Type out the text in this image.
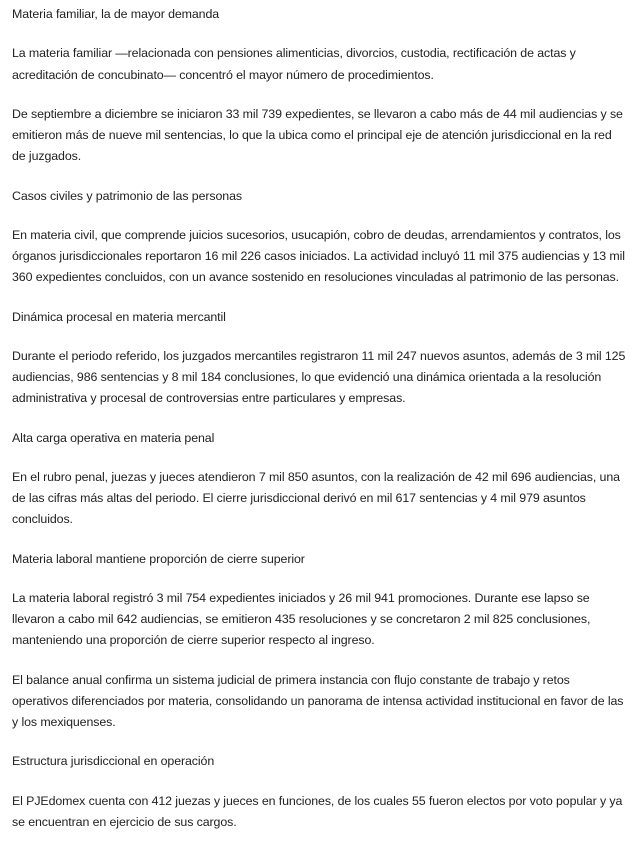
Materia familiar, la de mayor demanda

La materia familiar —relacionada con pensiones alimenticias, divorcios, custodia, rectificación de actas y acreditación de concubinato— concentró el mayor número de procedimientos.

De septiembre a diciembre se iniciaron 33 mil 739 expedientes, se llevaron a cabo más de 44 mil audiencias y se emitieron más de nueve mil sentencias, lo que la ubica como el principal eje de atención jurisdiccional en la red de juzgados.

Casos civiles y patrimonio de las personas

En materia civil, que comprende juicios sucesorios, usucapión, cobro de deudas, arrendamientos y contratos, los órganos jurisdiccionales reportaron 16 mil 226 casos iniciados. La actividad incluyó 11 mil 375 audiencias y 13 mil 360 expedientes concluidos, con un avance sostenido en resoluciones vinculadas al patrimonio de las personas.

Dinámica procesal en materia mercantil

Durante el periodo referido, los juzgados mercantiles registraron 11 mil 247 nuevos asuntos, además de 3 mil 125 audiencias, 986 sentencias y 8 mil 184 conclusiones, lo que evidenció una dinámica orientada a la resolución administrativa y procesal de controversias entre particulares y empresas.

Alta carga operativa en materia penal

En el rubro penal, juezas y jueces atendieron 7 mil 850 asuntos, con la realización de 42 mil 696 audiencias, una de las cifras más altas del periodo. El cierre jurisdiccional derivó en mil 617 sentencias y 4 mil 979 asuntos concluidos.

Materia laboral mantiene proporción de cierre superior

La materia laboral registró 3 mil 754 expedientes iniciados y 26 mil 941 promociones. Durante ese lapso se llevaron a cabo mil 642 audiencias, se emitieron 435 resoluciones y se concretaron 2 mil 825 conclusiones, manteniendo una proporción de cierre superior respecto al ingreso.

El balance anual confirma un sistema judicial de primera instancia con flujo constante de trabajo y retos operativos diferenciados por materia, consolidando un panorama de intensa actividad institucional en favor de las y los mexiquenses.

Estructura jurisdiccional en operación

El PJEdomex cuenta con 412 juezas y jueces en funciones, de los cuales 55 fueron electos por voto popular y ya se encuentran en ejercicio de sus cargos.
